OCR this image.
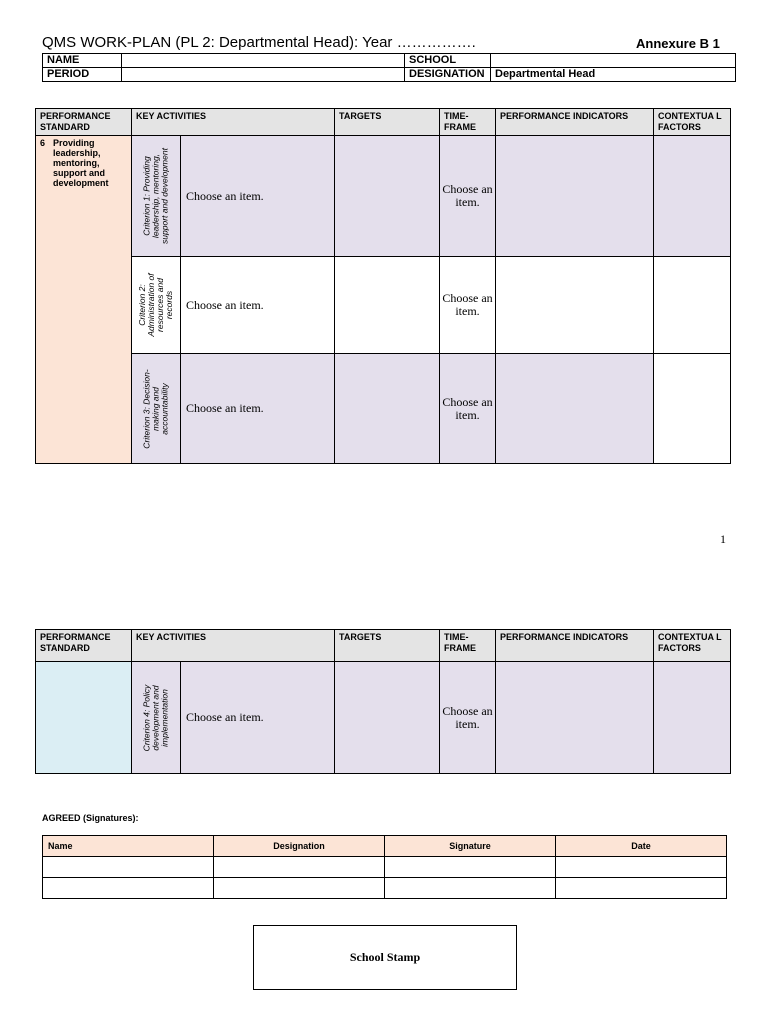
QMS WORK-PLAN (PL 2: Departmental Head): Year …………….	Annexure B 1
NAME		SCHOOL	
PERIOD		DESIGNATION	Departmental Head
PERFORMANCE STANDARD	KEY ACTIVITIES		TARGETS	TIME-FRAME	PERFORMANCE INDICATORS	CONTEXTUA L FACTORS

6 Providing leadership, mentoring, support and development	Criterion 1: Providing leadership, mentoring, support and development	Choose an item.		Choose an item.		

	Criterion 2: Administration of resources and records	Choose an item.		Choose an item.		

	Criterion 3: Decision-making and accountability	Choose an item.		Choose an item.		
1
PERFORMANCE STANDARD	KEY ACTIVITIES		TARGETS	TIME-FRAME	PERFORMANCE INDICATORS	CONTEXTUA L FACTORS

	Criterion 4: Policy development and implementation	Choose an item.		Choose an item.		
AGREED (Signatures):
Name	Designation	Signature	Date

School Stamp
